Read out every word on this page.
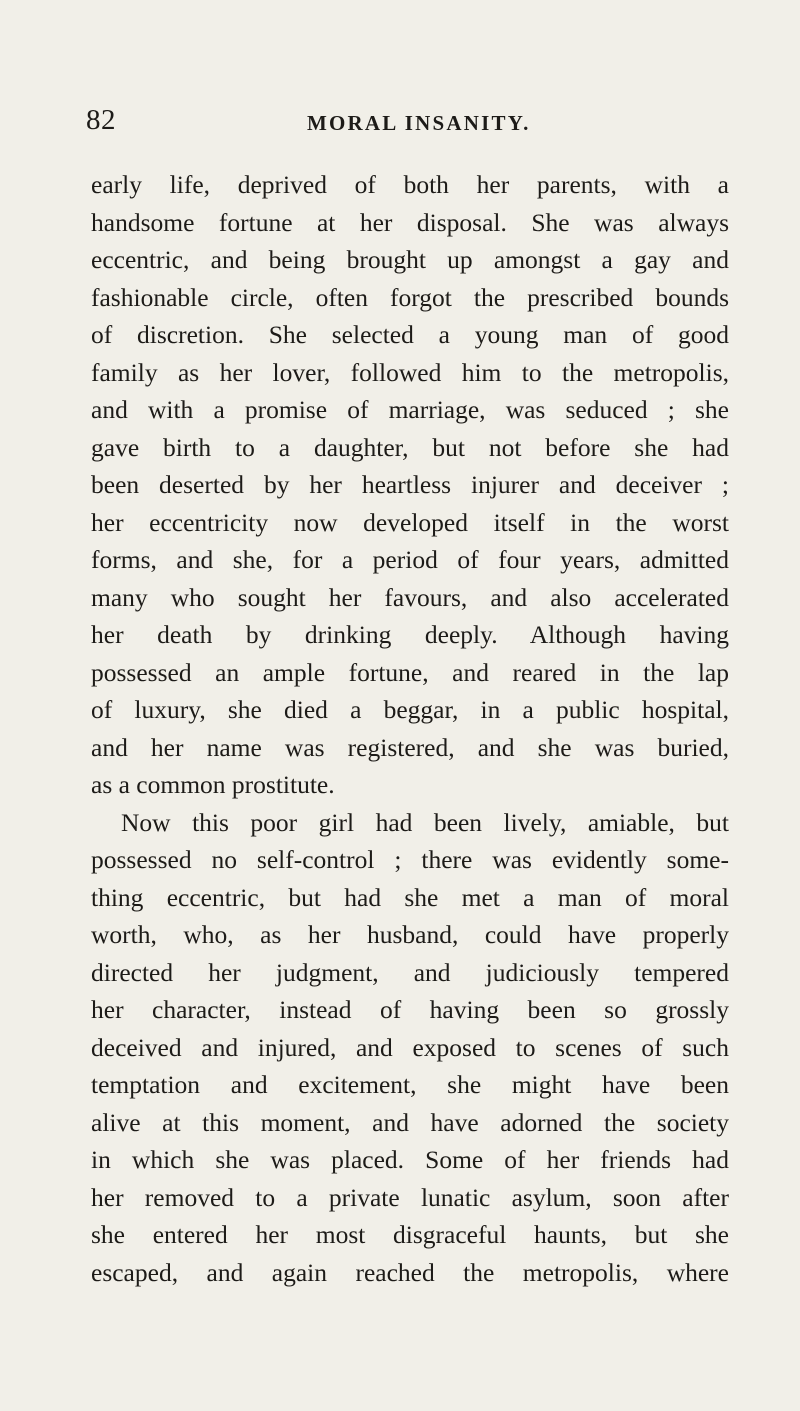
82	MORAL INSANITY.
early life, deprived of both her parents, with a
handsome fortune at her disposal. She was always
eccentric, and being brought up amongst a gay and
fashionable circle, often forgot the prescribed bounds
of discretion. She selected a young man of good
family as her lover, followed him to the metropolis,
and with a promise of marriage, was seduced ; she
gave birth to a daughter, but not before she had
been deserted by her heartless injurer and deceiver ;
her eccentricity now developed itself in the worst
forms, and she, for a period of four years, admitted
many who sought her favours, and also accelerated
her death by drinking deeply. Although having
possessed an ample fortune, and reared in the lap
of luxury, she died a beggar, in a public hospital,
and her name was registered, and she was buried,
as a common prostitute.
Now this poor girl had been lively, amiable, but
possessed no self-control ; there was evidently some-
thing eccentric, but had she met a man of moral
worth, who, as her husband, could have properly
directed her judgment, and judiciously tempered
her character, instead of having been so grossly
deceived and injured, and exposed to scenes of such
temptation and excitement, she might have been
alive at this moment, and have adorned the society
in which she was placed. Some of her friends had
her removed to a private lunatic asylum, soon after
she entered her most disgraceful haunts, but she
escaped, and again reached the metropolis, where
